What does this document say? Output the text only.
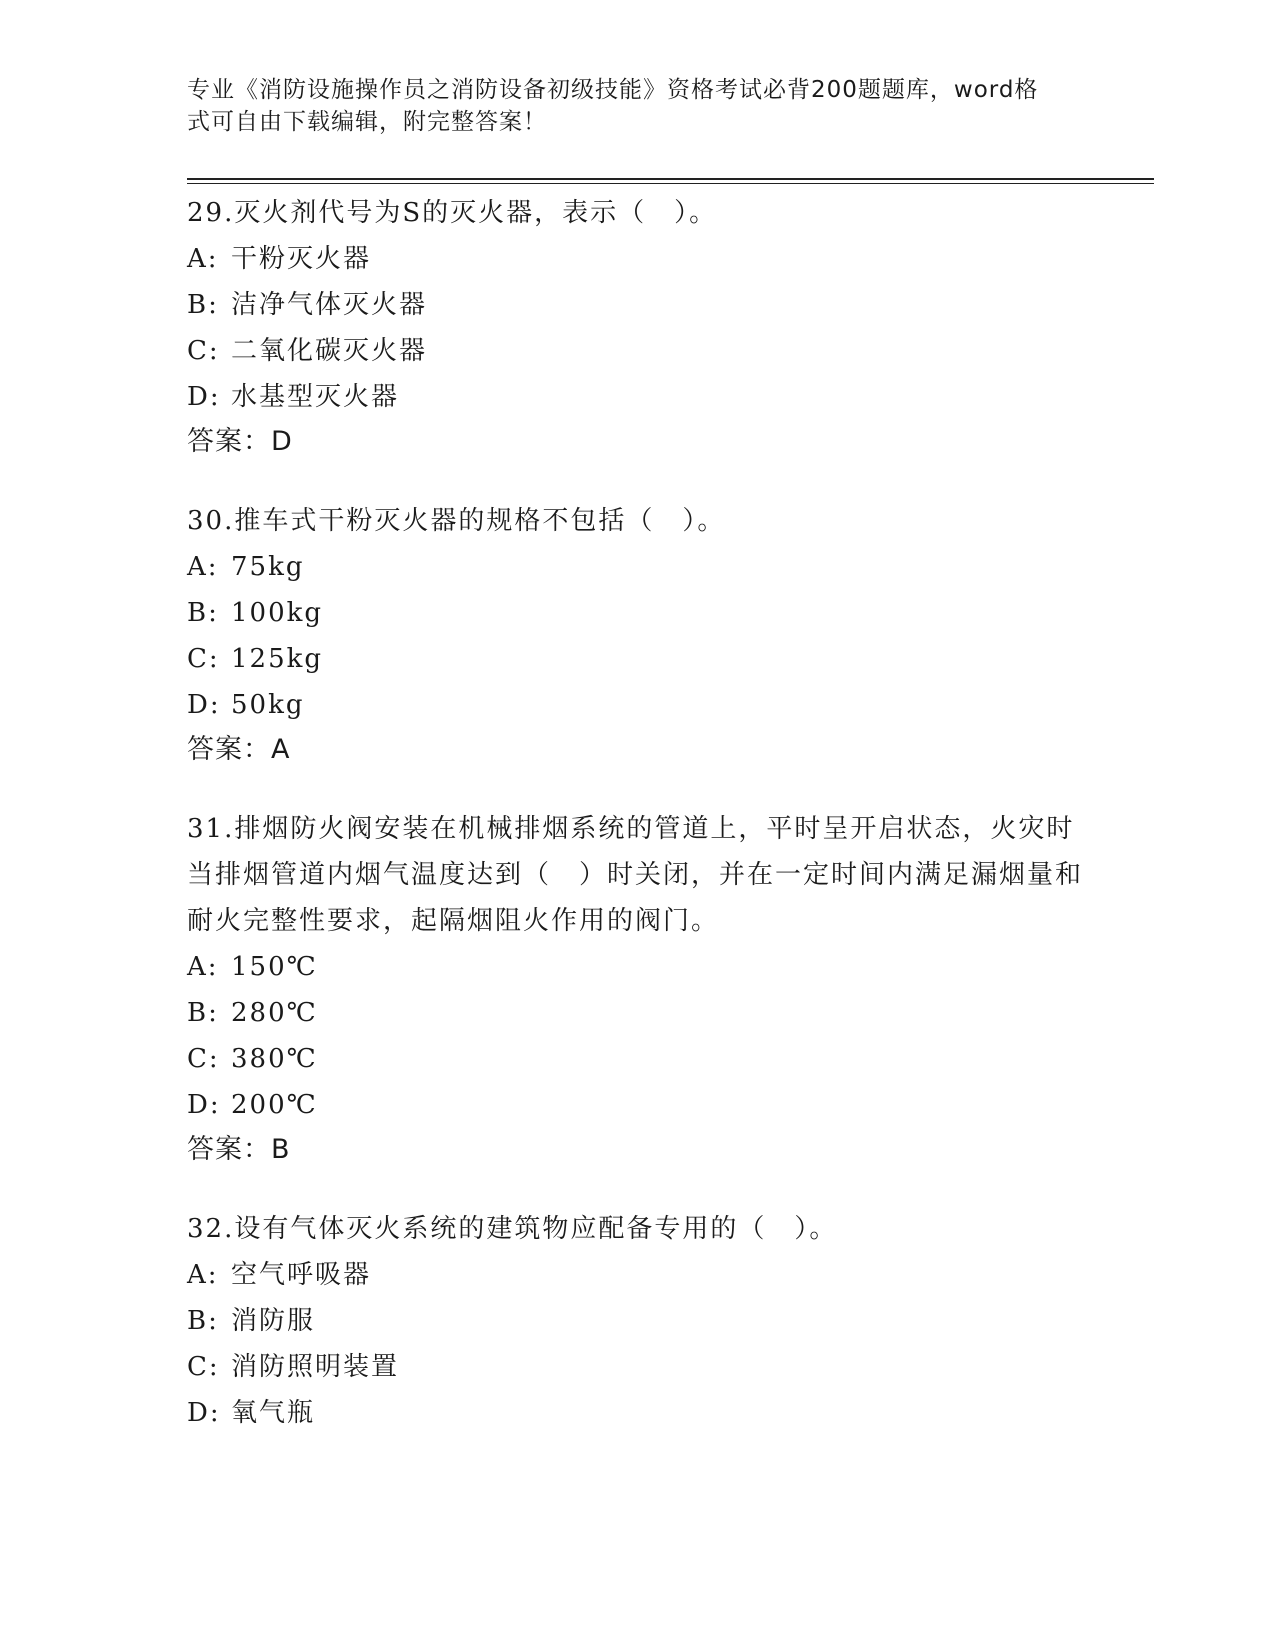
专业《消防设施操作员之消防设备初级技能》资格考试必背200题题库，word格
式可自由下载编辑，附完整答案！

29.灭火剂代号为S的灭火器，表示（　）。

A: 干粉灭火器
B: 洁净气体灭火器
C: 二氧化碳灭火器
D: 水基型灭火器
答案：D

30.推车式干粉灭火器的规格不包括（　）。

A: 75kg
B: 100kg
C: 125kg
D: 50kg
答案：A

31.排烟防火阀安装在机械排烟系统的管道上，平时呈开启状态，火灾时当排烟管道内烟气温度达到（　）时关闭，并在一定时间内满足漏烟量和耐火完整性要求，起隔烟阻火作用的阀门。

A: 150℃
B: 280℃
C: 380℃
D: 200℃
答案：B

32.设有气体灭火系统的建筑物应配备专用的（　）。

A: 空气呼吸器
B: 消防服
C: 消防照明装置
D: 氧气瓶
